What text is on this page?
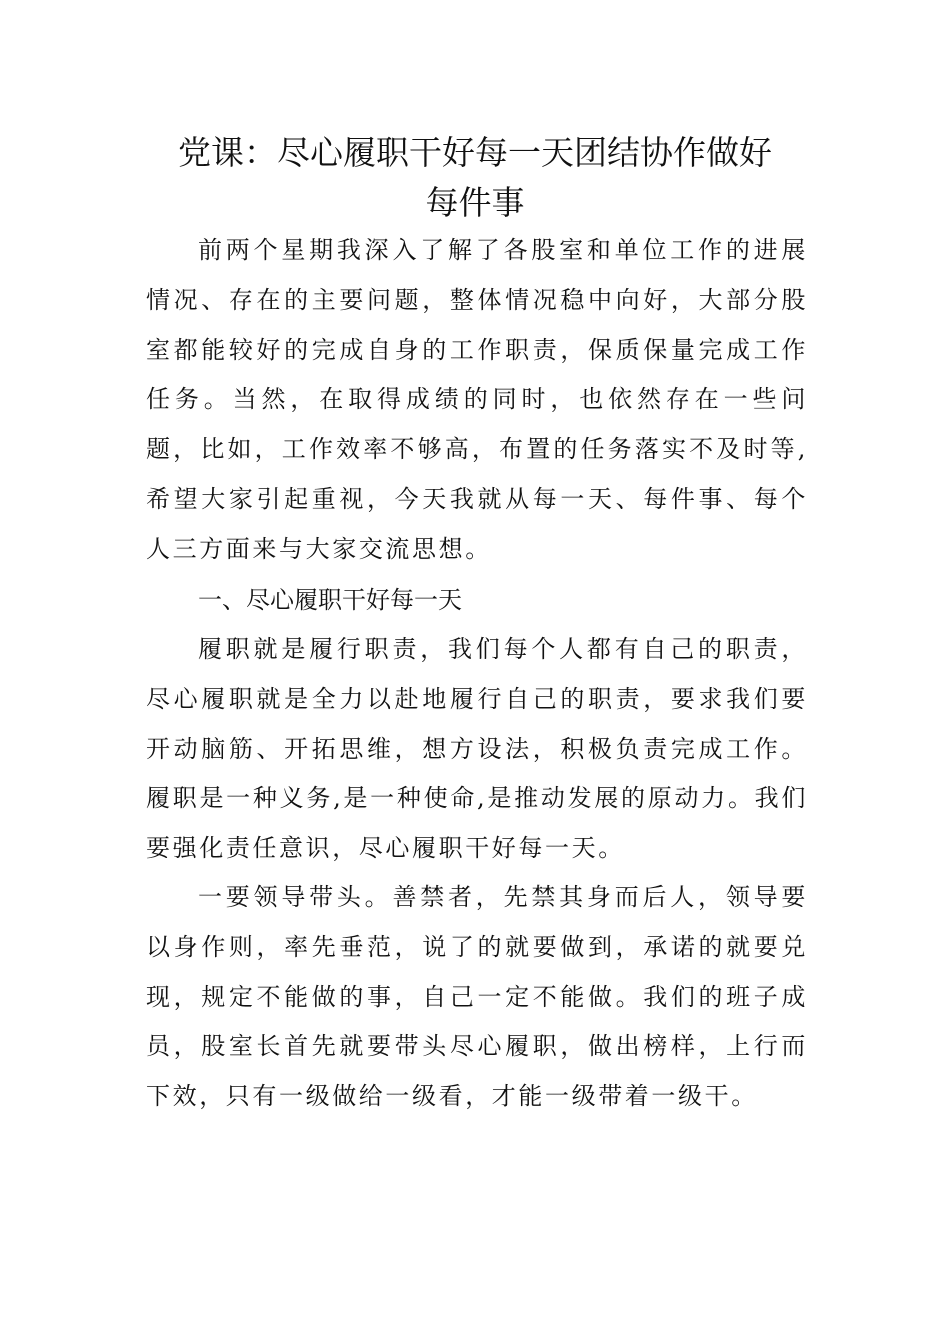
党课：尽心履职干好每一天团结协作做好
每件事

前两个星期我深入了解了各股室和单位工作的进展情况、存在的主要问题，整体情况稳中向好，大部分股室都能较好的完成自身的工作职责，保质保量完成工作任务。当然，在取得成绩的同时，也依然存在一些问题，比如，工作效率不够高，布置的任务落实不及时等,希望大家引起重视，今天我就从每一天、每件事、每个人三方面来与大家交流思想。

一、尽心履职干好每一天

履职就是履行职责，我们每个人都有自己的职责，尽心履职就是全力以赴地履行自己的职责，要求我们要开动脑筋、开拓思维，想方设法，积极负责完成工作。履职是一种义务,是一种使命,是推动发展的原动力。我们要强化责任意识，尽心履职干好每一天。

一要领导带头。善禁者，先禁其身而后人，领导要以身作则，率先垂范，说了的就要做到，承诺的就要兑现，规定不能做的事，自己一定不能做。我们的班子成员，股室长首先就要带头尽心履职，做出榜样，上行而下效，只有一级做给一级看，才能一级带着一级干。
